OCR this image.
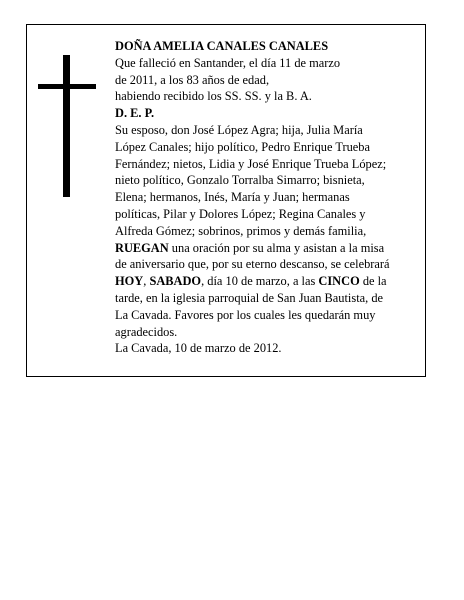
DOÑA AMELIA CANALES CANALES
Que falleció en Santander, el día 11 de marzo
de 2011, a los 83 años de edad,
habiendo recibido los SS. SS. y la B. A.
D. E. P.
Su esposo, don José López Agra; hija, Julia María
López Canales; hijo político, Pedro Enrique Trueba
Fernández; nietos, Lidia y José Enrique Trueba López;
nieto político, Gonzalo Torralba Simarro; bisnieta,
Elena; hermanos, Inés, María y Juan; hermanas
políticas, Pilar y Dolores López; Regina Canales y
Alfreda Gómez; sobrinos, primos y demás familia,
RUEGAN una oración por su alma y asistan a la misa
de aniversario que, por su eterno descanso, se celebrará
HOY, SABADO, día 10 de marzo, a las CINCO de la
tarde, en la iglesia parroquial de San Juan Bautista, de
La Cavada. Favores por los cuales les quedarán muy
agradecidos.
La Cavada, 10 de marzo de 2012.
